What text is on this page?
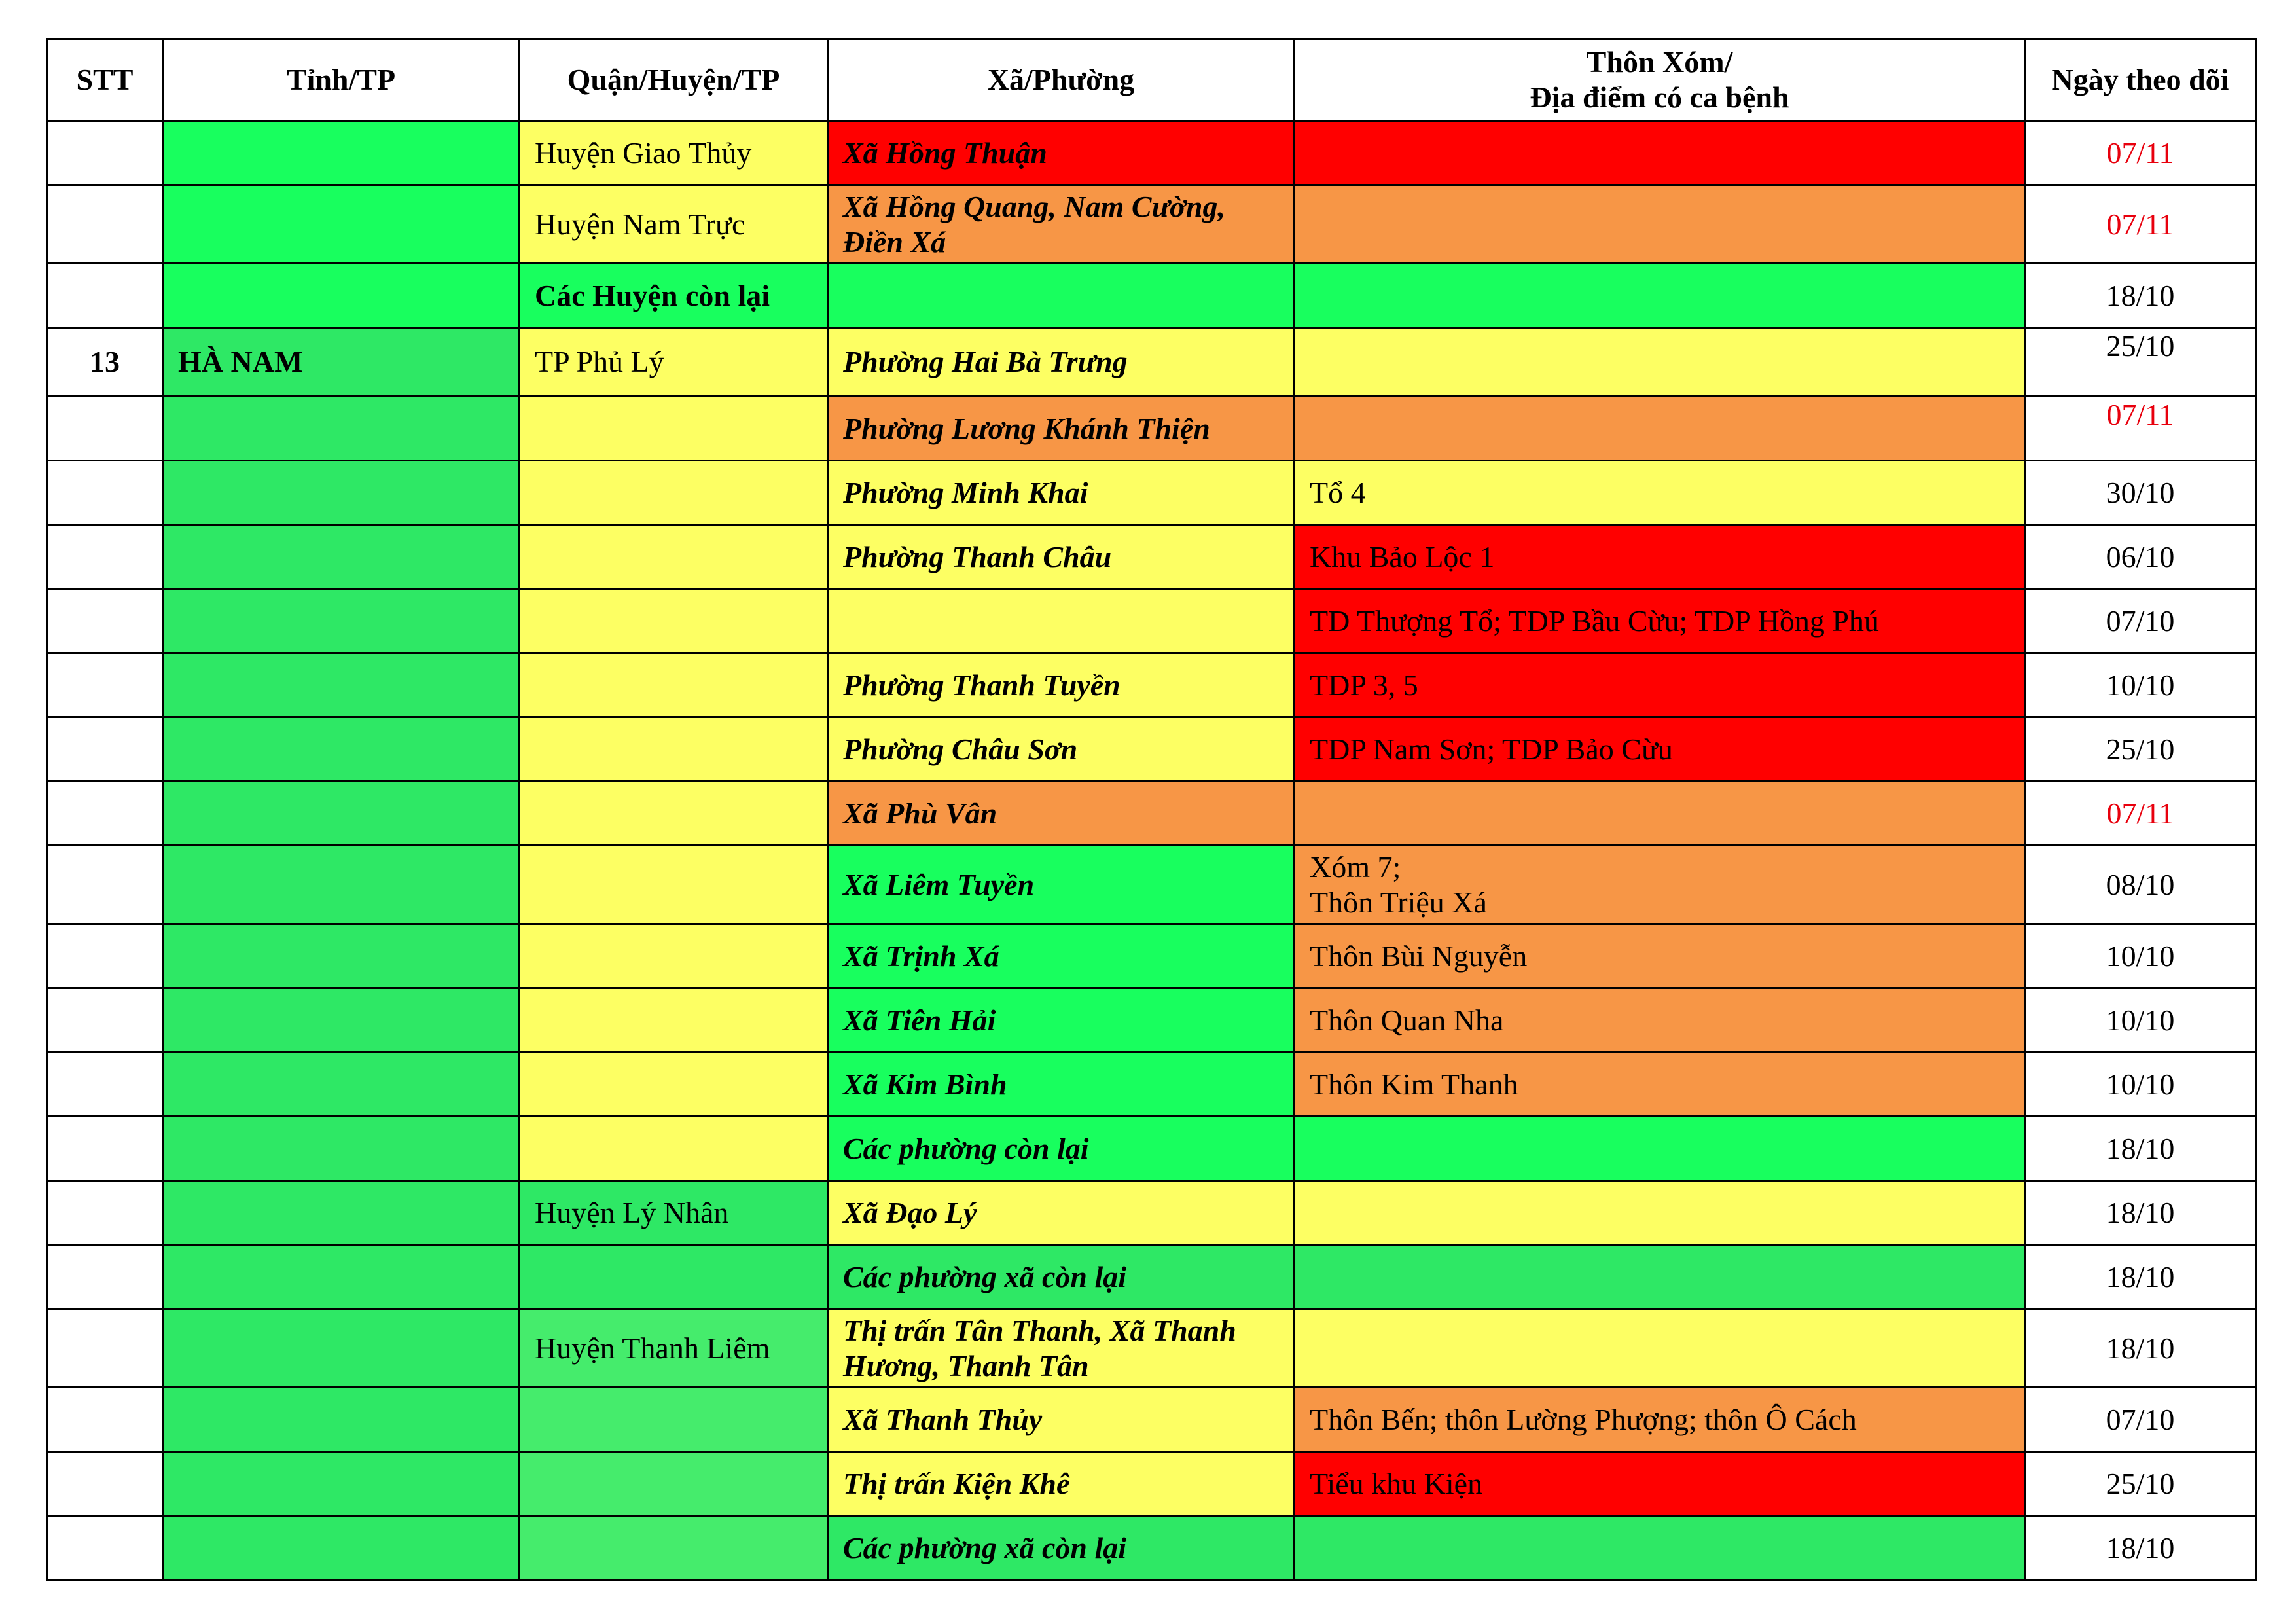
STT	Tỉnh/TP	Quận/Huyện/TP	Xã/Phường	Thôn Xóm/
Địa điểm có ca bệnh	Ngày theo dõi
		Huyện Giao Thủy	Xã Hồng Thuận		07/11
		Huyện Nam Trực	Xã Hồng Quang, Nam Cường, Điền Xá		07/11
		Các Huyện còn lại			18/10
13	HÀ NAM	TP Phủ Lý	Phường Hai Bà Trưng		25/10
			Phường Lương Khánh Thiện		07/11
			Phường Minh Khai	Tổ 4	30/10
			Phường Thanh Châu	Khu Bảo Lộc 1	06/10
				TD Thượng Tổ; TDP Bầu Cừu; TDP Hồng Phú	07/10
			Phường Thanh Tuyền	TDP 3, 5	10/10
			Phường Châu Sơn	TDP Nam Sơn; TDP Bảo Cừu	25/10
			Xã Phù Vân		07/11
			Xã Liêm Tuyền	Xóm 7;
Thôn Triệu Xá	08/10
			Xã Trịnh Xá	Thôn Bùi Nguyễn	10/10
			Xã Tiên Hải	Thôn Quan Nha	10/10
			Xã Kim Bình	Thôn Kim Thanh	10/10
			Các phường còn lại		18/10
		Huyện Lý Nhân	Xã Đạo Lý		18/10
			Các phường xã còn lại		18/10
		Huyện Thanh Liêm	Thị trấn Tân Thanh, Xã Thanh Hương, Thanh Tân		18/10
			Xã Thanh Thủy	Thôn Bến; thôn Lường Phượng; thôn Ô Cách	07/10
			Thị trấn Kiện Khê	Tiểu khu Kiện	25/10
			Các phường xã còn lại		18/10
